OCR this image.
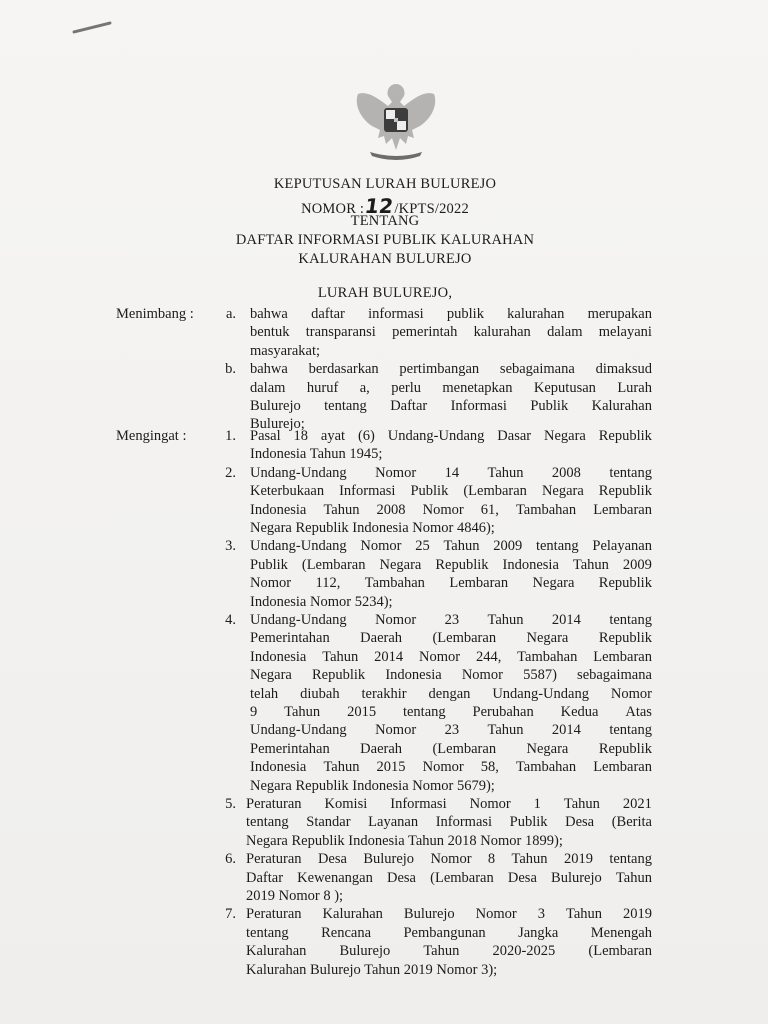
KEPUTUSAN LURAH BULUREJO
NOMOR :12/KPTS/2022
TENTANG
DAFTAR INFORMASI PUBLIK KALURAHAN
KALURAHAN BULUREJO
LURAH BULUREJO,
Menimbang :	a. bahwa daftar informasi publik kalurahan merupakan
bentuk transparansi pemerintah kalurahan dalam melayani
masyarakat;
b. bahwa berdasarkan pertimbangan sebagaimana dimaksud
dalam huruf a, perlu menetapkan Keputusan Lurah
Bulurejo tentang Daftar Informasi Publik Kalurahan
Bulurejo;
Mengingat :	1. Pasal 18 ayat (6) Undang-Undang Dasar Negara Republik
Indonesia Tahun 1945;
2. Undang-Undang Nomor 14 Tahun 2008 tentang
Keterbukaan Informasi Publik (Lembaran Negara Republik
Indonesia Tahun 2008 Nomor 61, Tambahan Lembaran
Negara Republik Indonesia Nomor 4846);
3. Undang-Undang Nomor 25 Tahun 2009 tentang Pelayanan
Publik (Lembaran Negara Republik Indonesia Tahun 2009
Nomor 112, Tambahan Lembaran Negara Republik
Indonesia Nomor 5234);
4. Undang-Undang Nomor 23 Tahun 2014 tentang
Pemerintahan Daerah (Lembaran Negara Republik
Indonesia Tahun 2014 Nomor 244, Tambahan Lembaran
Negara Republik Indonesia Nomor 5587) sebagaimana
telah diubah terakhir dengan Undang-Undang Nomor
9 Tahun 2015 tentang Perubahan Kedua Atas
Undang-Undang Nomor 23 Tahun 2014 tentang
Pemerintahan Daerah (Lembaran Negara Republik
Indonesia Tahun 2015 Nomor 58, Tambahan Lembaran
Negara Republik Indonesia Nomor 5679);
5. Peraturan Komisi Informasi Nomor 1 Tahun 2021
tentang Standar Layanan Informasi Publik Desa (Berita
Negara Republik Indonesia Tahun 2018 Nomor 1899);
6. Peraturan Desa Bulurejo Nomor 8 Tahun 2019 tentang
Daftar Kewenangan Desa (Lembaran Desa Bulurejo Tahun
2019 Nomor 8 );
7. Peraturan Kalurahan Bulurejo Nomor 3 Tahun 2019
tentang Rencana Pembangunan Jangka Menengah
Kalurahan Bulurejo Tahun 2020-2025 (Lembaran
Kalurahan Bulurejo Tahun 2019 Nomor 3);
